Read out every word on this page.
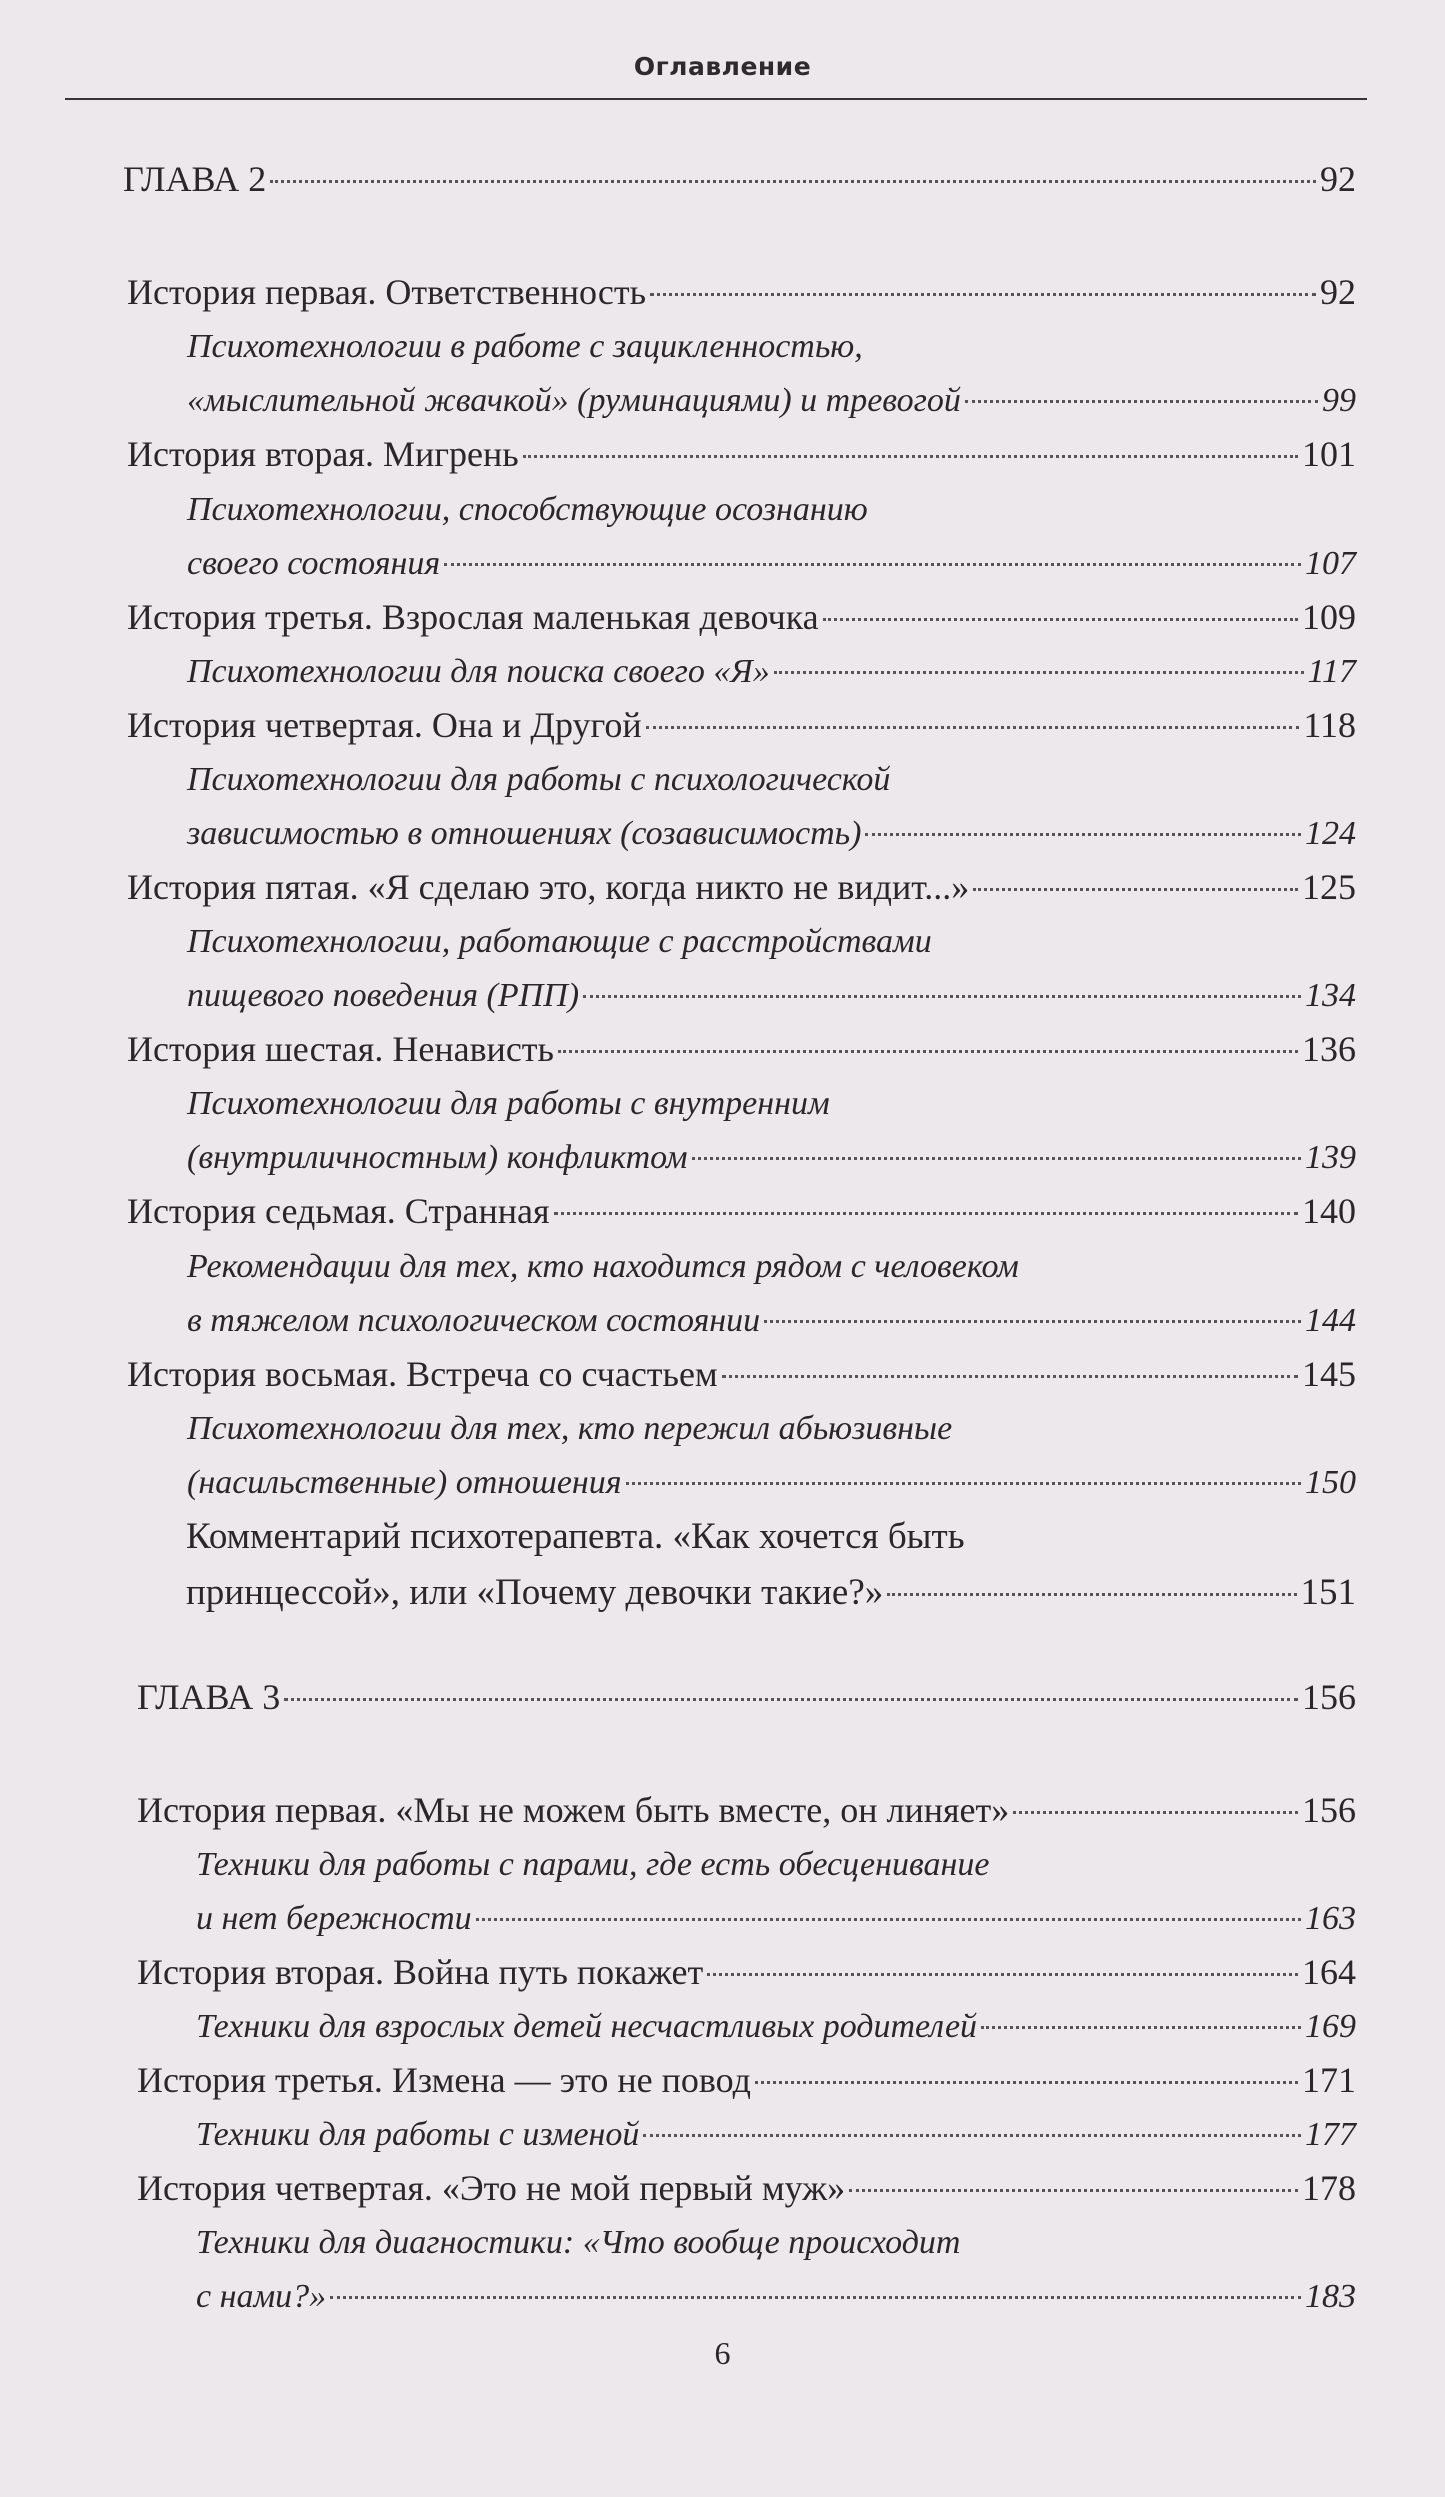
Оглавление
ГЛАВА 2	92
История первая. Ответственность	92
Психотехнологии в работе с зацикленностью,
«мыслительной жвачкой» (руминациями) и тревогой	99
История вторая. Мигрень	101
Психотехнологии, способствующие осознанию
своего состояния	107
История третья. Взрослая маленькая девочка	109
Психотехнологии для поиска своего «Я»	117
История четвертая. Она и Другой	118
Психотехнологии для работы с психологической
зависимостью в отношениях (созависимость)	124
История пятая. «Я сделаю это, когда никто не видит...»	125
Психотехнологии, работающие с расстройствами
пищевого поведения (РПП)	134
История шестая. Ненависть	136
Психотехнологии для работы с внутренним
(внутриличностным) конфликтом	139
История седьмая. Странная	140
Рекомендации для тех, кто находится рядом с человеком
в тяжелом психологическом состоянии	144
История восьмая. Встреча со счастьем	145
Психотехнологии для тех, кто пережил абьюзивные
(насильственные) отношения	150
Комментарий психотерапевта. «Как хочется быть
принцессой», или «Почему девочки такие?»	151
ГЛАВА 3	156
История первая. «Мы не можем быть вместе, он линяет»	156
Техники для работы с парами, где есть обесценивание
и нет бережности	163
История вторая. Война путь покажет	164
Техники для взрослых детей несчастливых родителей	169
История третья. Измена — это не повод	171
Техники для работы с изменой	177
История четвертая. «Это не мой первый муж»	178
Техники для диагностики: «Что вообще происходит
с нами?»	183
6
